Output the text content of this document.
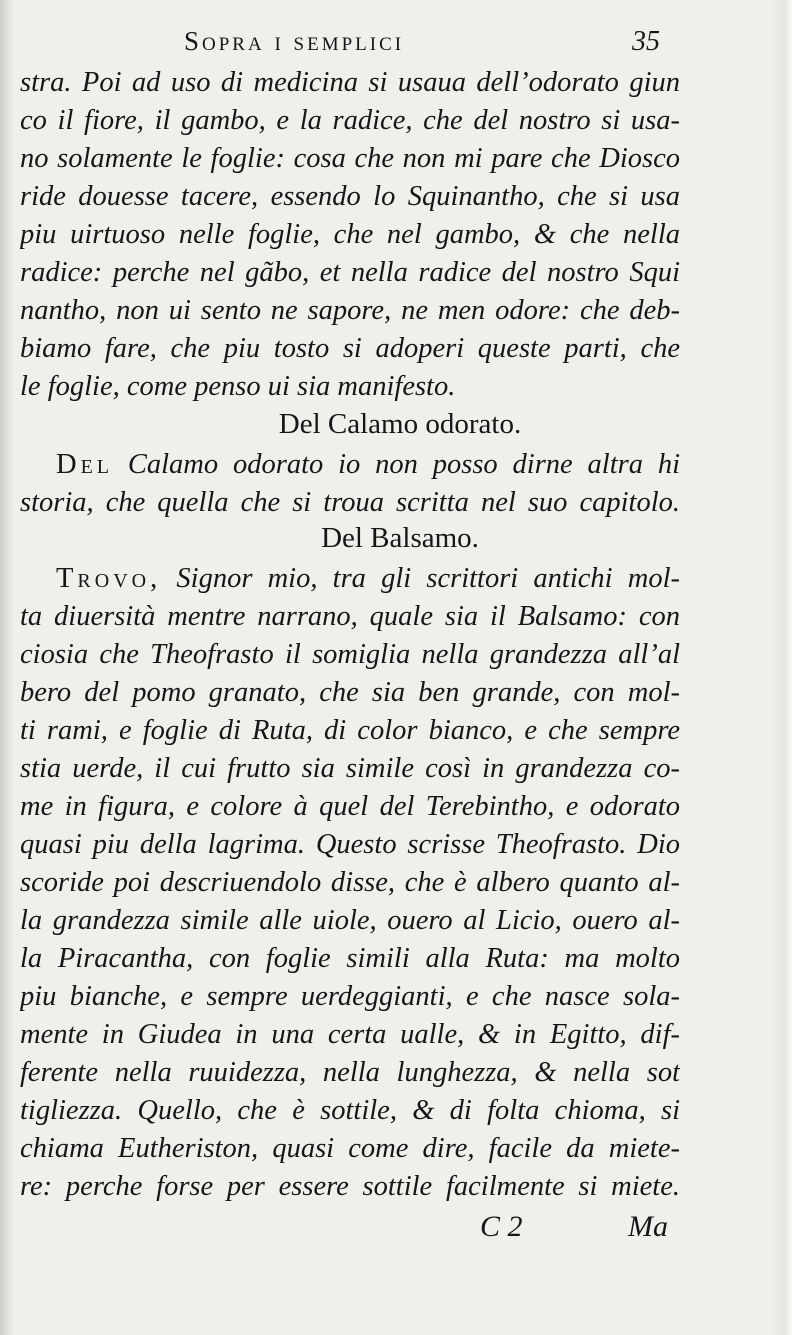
Sopra i semplici	35
stra. Poi ad uso di medicina si usaua dell’odorato giun
co il fiore, il gambo, e la radice, che del nostro si usa-
no solamente le foglie: cosa che non mi pare che Diosco
ride douesse tacere, essendo lo Squinantho, che si usa
piu uirtuoso nelle foglie, che nel gambo, & che nella
radice: perche nel gãbo, et nella radice del nostro Squi
nantho, non ui sento ne sapore, ne men odore: che deb-
biamo fare, che piu tosto si adoperi queste parti, che
le foglie, come penso ui sia manifesto.
Del Calamo odorato.
Del Calamo odorato io non posso dirne altra hi
storia, che quella che si troua scritta nel suo capitolo.
Del Balsamo.
Trovo, Signor mio, tra gli scrittori antichi mol-
ta diuersità mentre narrano, quale sia il Balsamo: con
ciosia che Theofrasto il somiglia nella grandezza all’al
bero del pomo granato, che sia ben grande, con mol-
ti rami, e foglie di Ruta, di color bianco, e che sempre
stia uerde, il cui frutto sia simile così in grandezza co-
me in figura, e colore à quel del Terebintho, e odorato
quasi piu della lagrima. Questo scrisse Theofrasto. Dio
scoride poi descriuendolo disse, che è albero quanto al-
la grandezza simile alle uiole, ouero al Licio, ouero al-
la Piracantha, con foglie simili alla Ruta: ma molto
piu bianche, e sempre uerdeggianti, e che nasce sola-
mente in Giudea in una certa ualle, & in Egitto, dif-
ferente nella ruuidezza, nella lunghezza, & nella sot
tigliezza. Quello, che è sottile, & di folta chioma, si
chiama Eutheriston, quasi come dire, facile da miete-
re: perche forse per essere sottile facilmente si miete.
C 2	Ma
